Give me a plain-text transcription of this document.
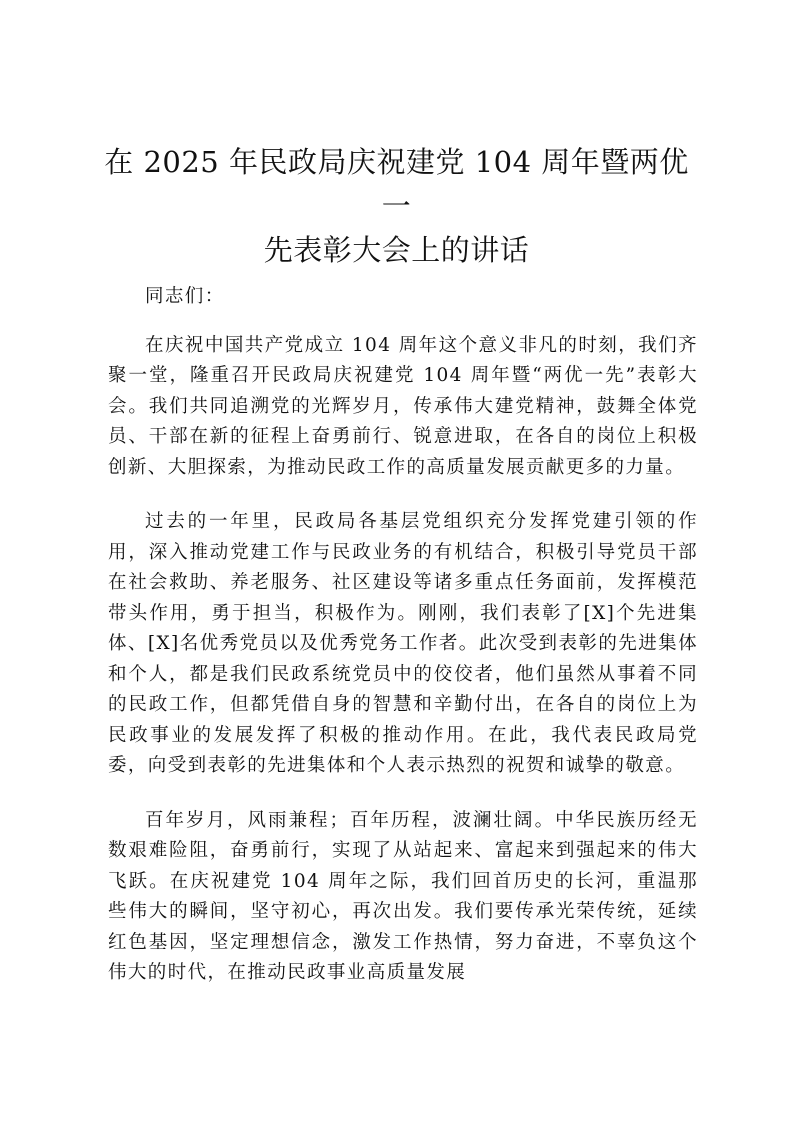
在 2025 年民政局庆祝建党 104 周年暨两优一
先表彰大会上的讲话

同志们：

在庆祝中国共产党成立 104 周年这个意义非凡的时刻，我们齐聚一堂，隆重召开民政局庆祝建党 104 周年暨“两优一先”表彰大会。我们共同追溯党的光辉岁月，传承伟大建党精神，鼓舞全体党员、干部在新的征程上奋勇前行、锐意进取，在各自的岗位上积极创新、大胆探索，为推动民政工作的高质量发展贡献更多的力量。

过去的一年里，民政局各基层党组织充分发挥党建引领的作用，深入推动党建工作与民政业务的有机结合，积极引导党员干部在社会救助、养老服务、社区建设等诸多重点任务面前，发挥模范带头作用，勇于担当，积极作为。刚刚，我们表彰了[X]个先进集体、[X]名优秀党员以及优秀党务工作者。此次受到表彰的先进集体和个人，都是我们民政系统党员中的佼佼者，他们虽然从事着不同的民政工作，但都凭借自身的智慧和辛勤付出，在各自的岗位上为民政事业的发展发挥了积极的推动作用。在此，我代表民政局党委，向受到表彰的先进集体和个人表示热烈的祝贺和诚挚的敬意。

百年岁月，风雨兼程；百年历程，波澜壮阔。中华民族历经无数艰难险阻，奋勇前行，实现了从站起来、富起来到强起来的伟大飞跃。在庆祝建党 104 周年之际，我们回首历史的长河，重温那些伟大的瞬间，坚守初心，再次出发。我们要传承光荣传统，延续红色基因，坚定理想信念，激发工作热情，努力奋进，不辜负这个伟大的时代，在推动民政事业高质量发展
